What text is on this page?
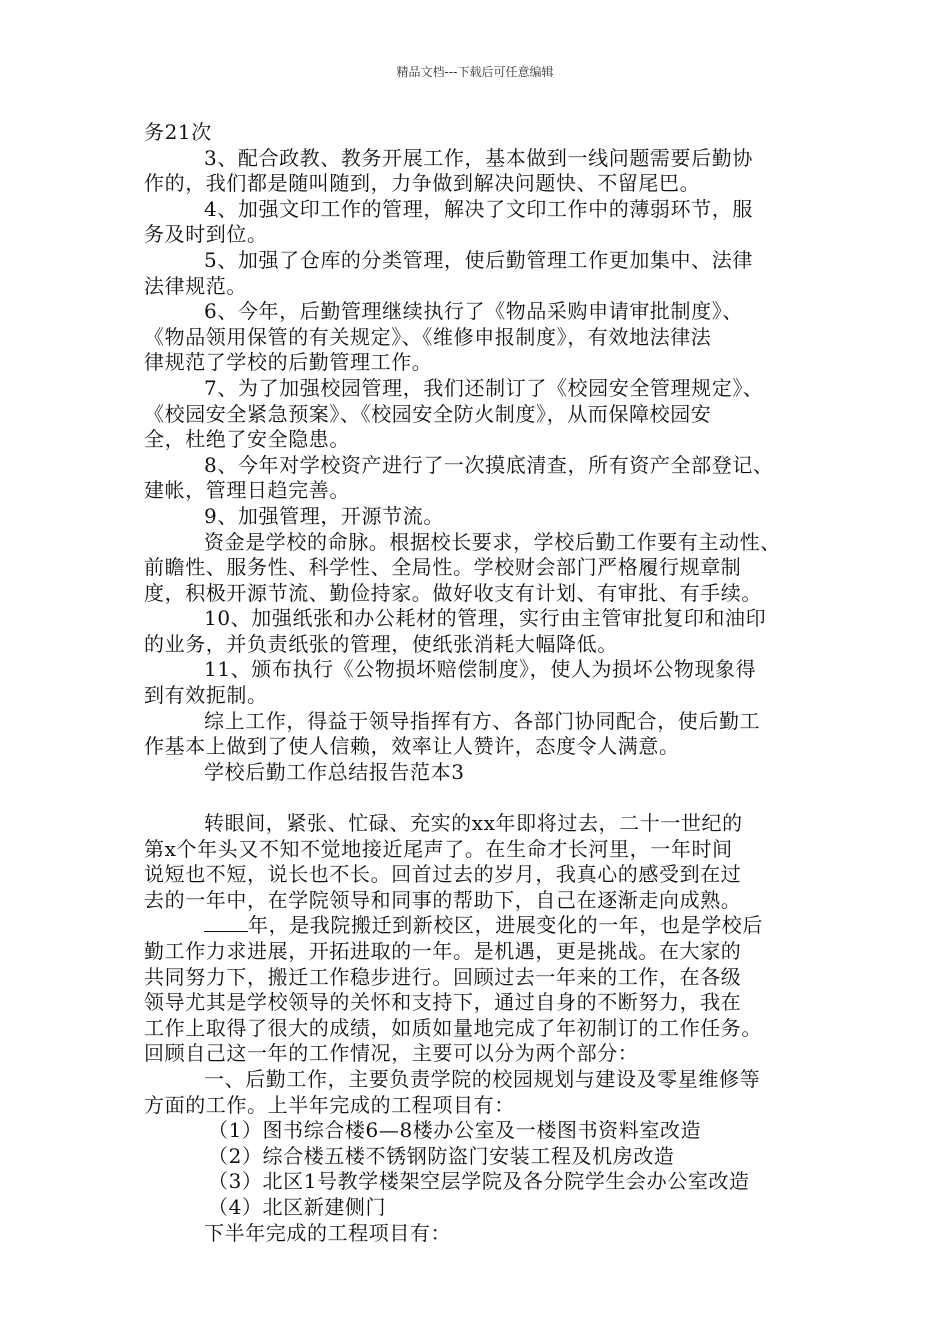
精品文档---下载后可任意编辑

务21次

3、配合政教、教务开展工作，基本做到一线问题需要后勤协

作的，我们都是随叫随到，力争做到解决问题快、不留尾巴。

4、加强文印工作的管理，解决了文印工作中的薄弱环节，服

务及时到位。

5、加强了仓库的分类管理，使后勤管理工作更加集中、法律

法律规范。

6、今年，后勤管理继续执行了《物品采购申请审批制度》、

《物品领用保管的有关规定》、《维修申报制度》，有效地法律法

律规范了学校的后勤管理工作。

7、为了加强校园管理，我们还制订了《校园安全管理规定》、

《校园安全紧急预案》、《校园安全防火制度》，从而保障校园安

全，杜绝了安全隐患。

8、今年对学校资产进行了一次摸底清查，所有资产全部登记、

建帐，管理日趋完善。

9、加强管理，开源节流。

资金是学校的命脉。根据校长要求，学校后勤工作要有主动性、

前瞻性、服务性、科学性、全局性。学校财会部门严格履行规章制

度，积极开源节流、勤俭持家。做好收支有计划、有审批、有手续。

10、加强纸张和办公耗材的管理，实行由主管审批复印和油印

的业务，并负责纸张的管理，使纸张消耗大幅降低。

11、颁布执行《公物损坏赔偿制度》，使人为损坏公物现象得

到有效扼制。

综上工作，得益于领导指挥有方、各部门协同配合，使后勤工

作基本上做到了使人信赖，效率让人赞许，态度令人满意。

学校后勤工作总结报告范本3

转眼间，紧张、忙碌、充实的xx年即将过去，二十一世纪的

第x个年头又不知不觉地接近尾声了。在生命才长河里，一年时间

说短也不短，说长也不长。回首过去的岁月，我真心的感受到在过

去的一年中，在学院领导和同事的帮助下，自己在逐渐走向成熟。

年，是我院搬迁到新校区，进展变化的一年，也是学校后

勤工作力求进展，开拓进取的一年。是机遇，更是挑战。在大家的

共同努力下，搬迁工作稳步进行。回顾过去一年来的工作，在各级

领导尤其是学校领导的关怀和支持下，通过自身的不断努力，我在

工作上取得了很大的成绩，如质如量地完成了年初制订的工作任务。

回顾自己这一年的工作情况，主要可以分为两个部分：

一、后勤工作，主要负责学院的校园规划与建设及零星维修等

方面的工作。上半年完成的工程项目有：

（1）图书综合楼6—8楼办公室及一楼图书资料室改造

（2）综合楼五楼不锈钢防盗门安装工程及机房改造

（3）北区1号教学楼架空层学院及各分院学生会办公室改造

（4）北区新建侧门

下半年完成的工程项目有：
